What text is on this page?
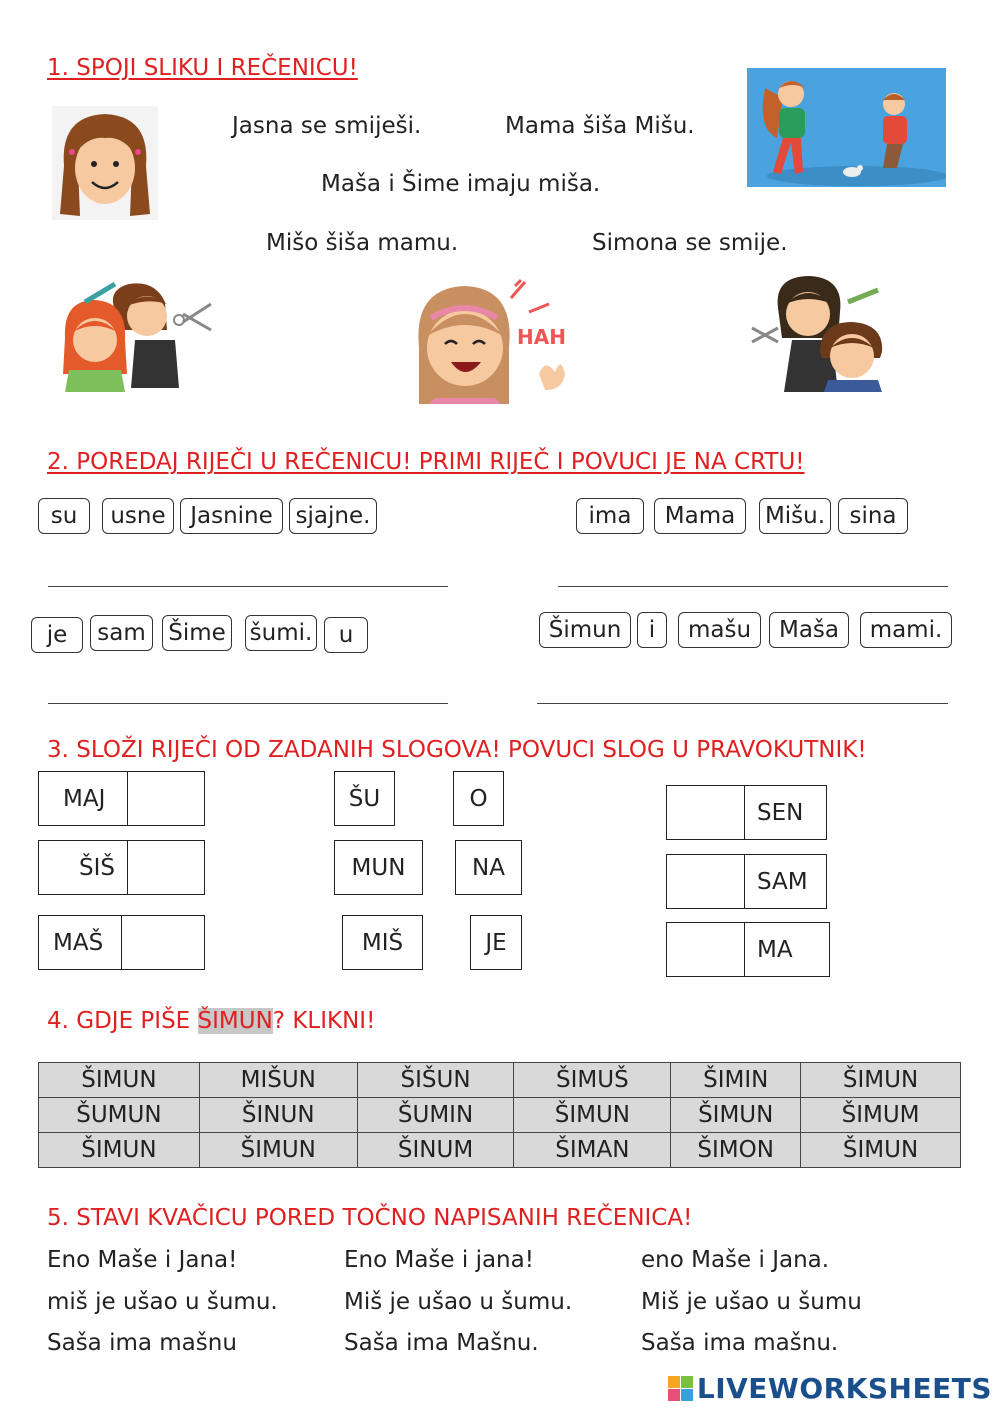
1. SPOJI SLIKU I REČENICU!
Jasna se smiješi.	Mama šiša Mišu.
Maša i Šime imaju miša.
Mišo šiša mamu.	Simona se smije.
HAH
2. POREDAJ RIJEČI U REČENICU! PRIMI RIJEČ I POVUCI JE NA CRTU!
su	usne	Jasnine sjajne.	ima	Mama	Mišu.	sina
je	sam Šime šumi.	u	Šimun	i	mašu	Maša	mami.
3. SLOŽI RIJEČI OD ZADANIH SLOGOVA! POVUCI SLOG U PRAVOKUTNIK!
MAJ
ŠIŠ
MAŠ
ŠU	O
MUN	NA
MIŠ	JE
SEN
SAM
MA
4. GDJE PIŠE ŠIMUN? KLIKNI!
ŠIMUN	MIŠUN	ŠIŠUN	ŠIMUŠ	ŠIMIN	ŠIMUN
ŠUMUN	ŠINUN	ŠUMIN	ŠIMUN	ŠIMUN	ŠIMUM
ŠIMUN	ŠIMUN	ŠINUM	ŠIMAN	ŠIMON	ŠIMUN
5. STAVI KVAČICU PORED TOČNO NAPISANIH REČENICA!
Eno Maše i Jana!	Eno Maše i jana!	eno Maše i Jana.
miš je ušao u šumu.	Miš je ušao u šumu.	Miš je ušao u šumu
Saša ima mašnu	Saša ima Mašnu.	Saša ima mašnu.
LIVEWORKSHEETS
